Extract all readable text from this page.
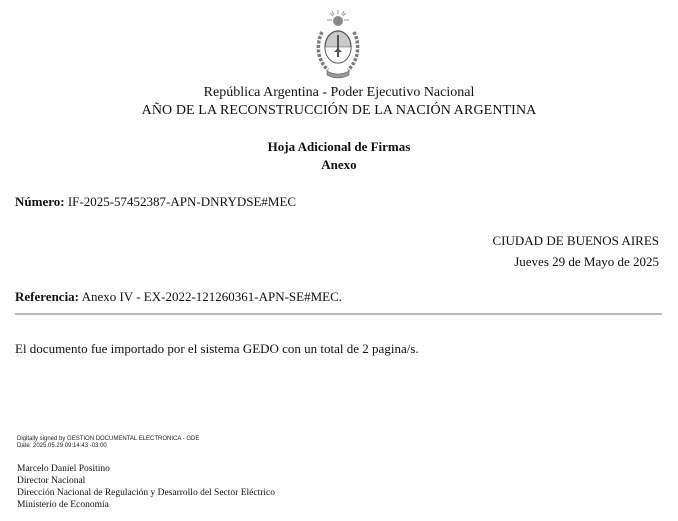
República Argentina - Poder Ejecutivo Nacional
AÑO DE LA RECONSTRUCCIÓN DE LA NACIÓN ARGENTINA
Hoja Adicional de Firmas
Anexo
Número: IF-2025-57452387-APN-DNRYDSE#MEC
CIUDAD DE BUENOS AIRES
Jueves 29 de Mayo de 2025
Referencia: Anexo IV - EX-2022-121260361-APN-SE#MEC.
El documento fue importado por el sistema GEDO con un total de 2 pagina/s.
Digitally signed by GESTION DOCUMENTAL ELECTRONICA - GDE
Date: 2025.05.29 09:14:43 -03:00
Marcelo Daniel Positino
Director Nacional
Dirección Nacional de Regulación y Desarrollo del Sector Eléctrico
Ministerio de Economía
